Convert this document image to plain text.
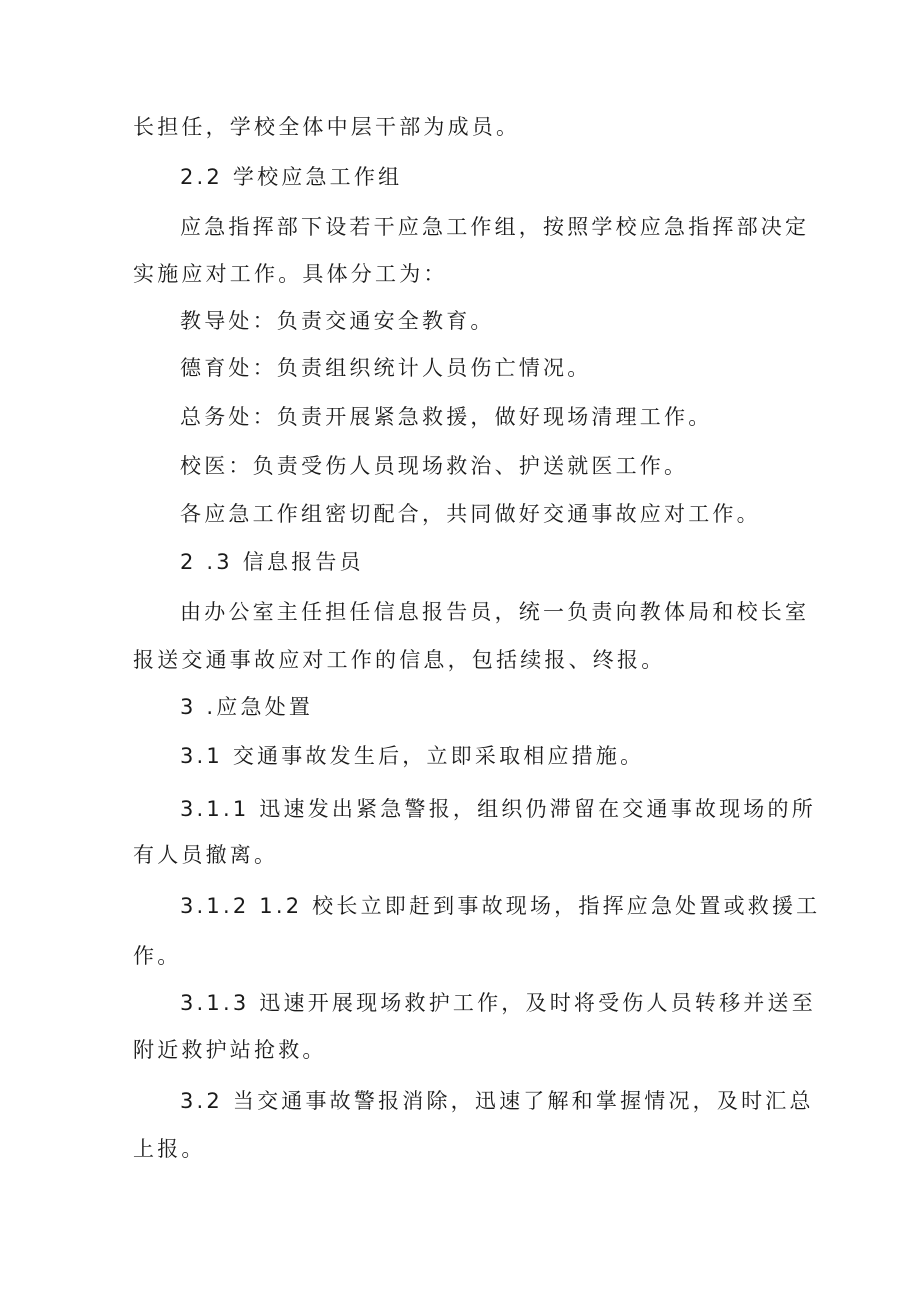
长担任，学校全体中层干部为成员。
2.2 学校应急工作组
应急指挥部下设若干应急工作组，按照学校应急指挥部决定
实施应对工作。具体分工为：
教导处：负责交通安全教育。
德育处：负责组织统计人员伤亡情况。
总务处：负责开展紧急救援，做好现场清理工作。
校医：负责受伤人员现场救治、护送就医工作。
各应急工作组密切配合，共同做好交通事故应对工作。
2 .3 信息报告员
由办公室主任担任信息报告员，统一负责向教体局和校长室
报送交通事故应对工作的信息，包括续报、终报。
3 .应急处置
3.1 交通事故发生后，立即采取相应措施。
3.1.1 迅速发出紧急警报，组织仍滞留在交通事故现场的所
有人员撤离。
3.1.2 1.2 校长立即赶到事故现场，指挥应急处置或救援工
作。
3.1.3 迅速开展现场救护工作，及时将受伤人员转移并送至
附近救护站抢救。
3.2 当交通事故警报消除，迅速了解和掌握情况，及时汇总
上报。
